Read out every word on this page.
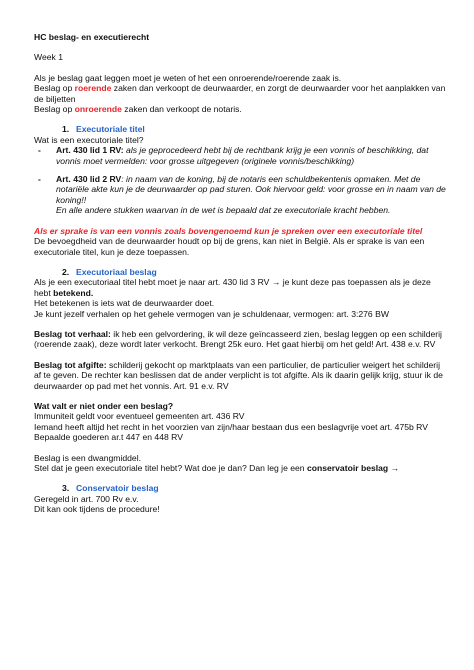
HC beslag- en executierecht

Week 1

Als je beslag gaat leggen moet je weten of het een onroerende/roerende zaak is.

Beslag op roerende zaken dan verkoopt de deurwaarder, en zorgt de deurwaarder voor het aanplakken van de biljetten

Beslag op onroerende zaken dan verkoopt de notaris.

1. Executoriale titel

Wat is een executoriale titel?

-	Art. 430 lid 1 RV: als je geprocedeerd hebt bij de rechtbank krijg je een vonnis of beschikking, dat vonnis moet vermelden: voor grosse uitgegeven (originele vonnis/beschikking)
-	Art. 430 lid 2 RV: in naam van de koning, bij de notaris een schuldbekentenis opmaken. Met de notariële akte kun je de deurwaarder op pad sturen. Ook hiervoor geld: voor grosse en in naam van de koning!!

En alle andere stukken waarvan in de wet is bepaald dat ze executoriale kracht hebben.

Als er sprake is van een vonnis zoals bovengenoemd kun je spreken over een executoriale titel

De bevoegdheid van de deurwaarder houdt op bij de grens, kan niet in België. Als er sprake is van een executoriale titel, kun je deze toepassen.

2. Executoriaal beslag

Als je een executoriaal titel hebt moet je naar art. 430 lid 3 RV → je kunt deze pas toepassen als je deze hebt betekend.

Het betekenen is iets wat de deurwaarder doet.

Je kunt jezelf verhalen op het gehele vermogen van je schuldenaar, vermogen: art. 3:276 BW

Beslag tot verhaal: ik heb een gelvordering, ik wil deze geïncasseerd zien, beslag leggen op een schilderij (roerende zaak), deze wordt later verkocht. Brengt 25k euro. Het gaat hierbij om het geld! Art. 438 e.v. RV

Beslag tot afgifte: schilderij gekocht op marktplaats van een particulier, de particulier weigert het schilderij af te geven. De rechter kan beslissen dat de ander verplicht is tot afgifte. Als ik daarin gelijk krijg, stuur ik de deurwaarder op pad met het vonnis. Art. 91 e.v. RV

Wat valt er niet onder een beslag?

Immuniteit geldt voor eventueel gemeenten art. 436 RV

Iemand heeft altijd het recht in het voorzien van zijn/haar bestaan dus een beslagvrije voet art. 475b RV

Bepaalde goederen ar.t 447 en 448 RV

Beslag is een dwangmiddel.

Stel dat je geen executoriale titel hebt? Wat doe je dan? Dan leg je een conservatoir beslag →

3. Conservatoir beslag

Geregeld in art. 700 Rv e.v.

Dit kan ook tijdens de procedure!
